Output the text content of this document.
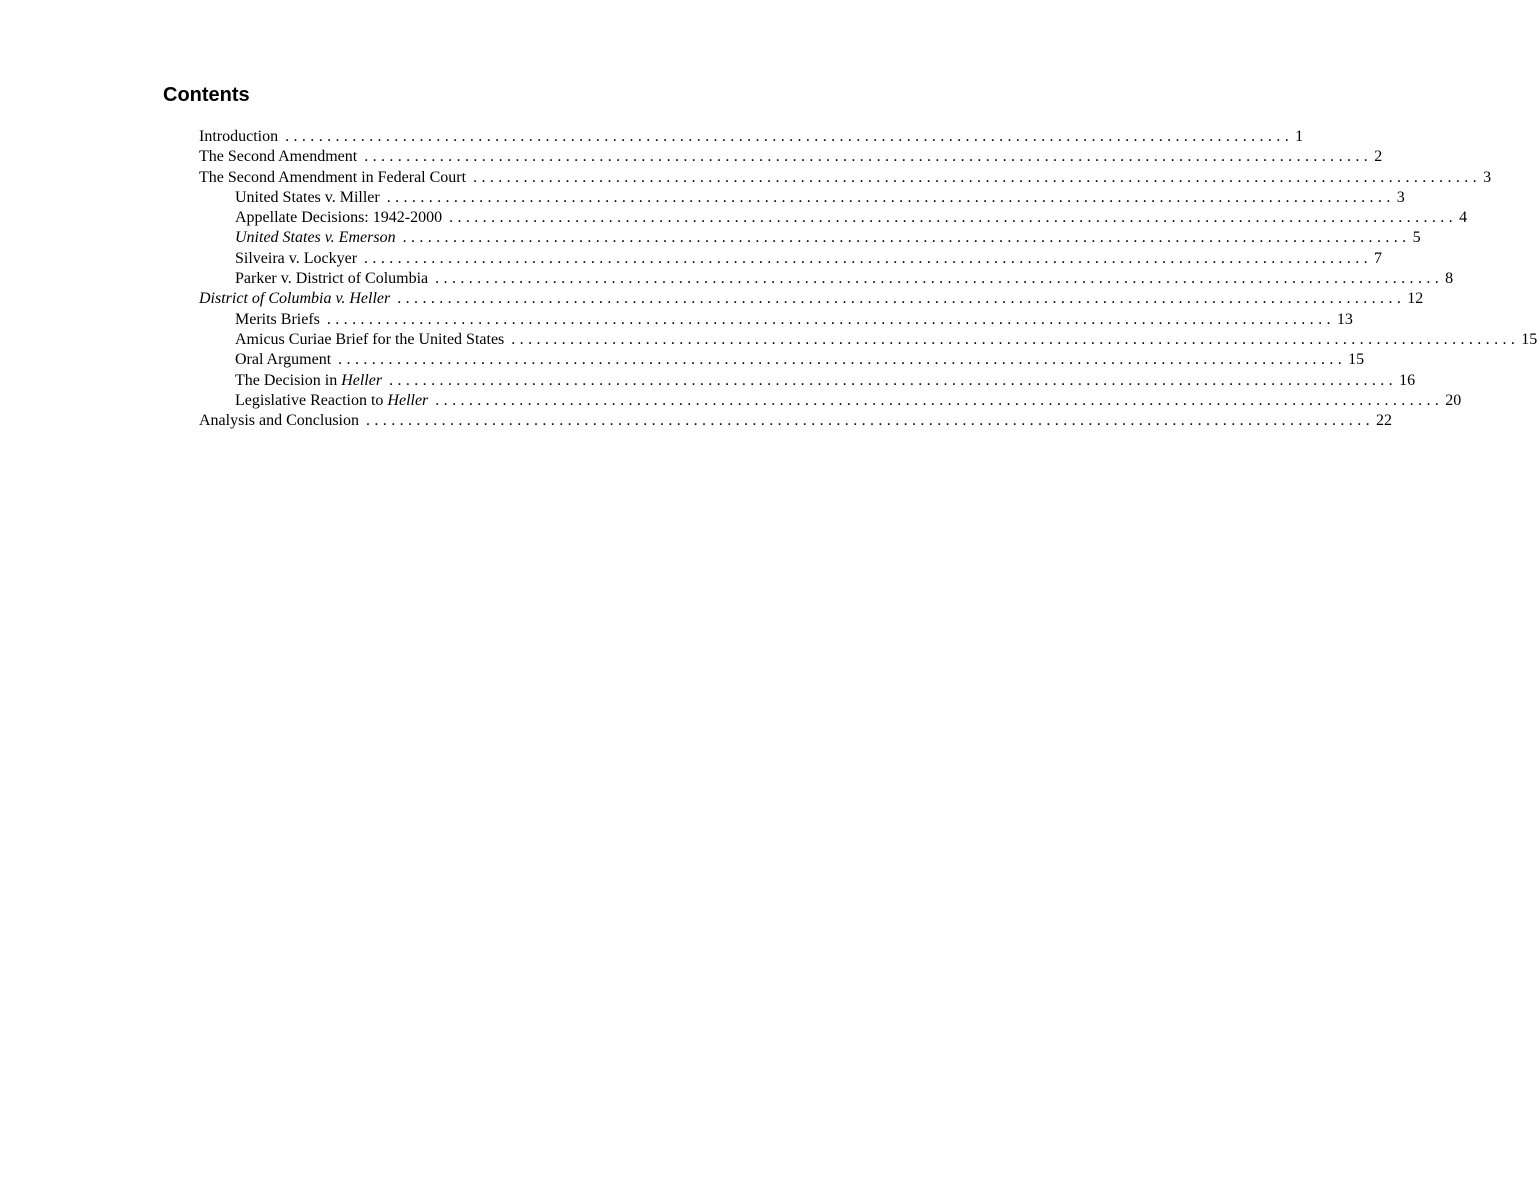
Contents
Introduction ........................................................................................................................ 1
The Second Amendment ........................................................................................................................ 2
The Second Amendment in Federal Court ........................................................................................................................ 3
United States v. Miller ........................................................................................................................ 3
Appellate Decisions: 1942-2000 ........................................................................................................................ 4
United States v. Emerson ........................................................................................................................ 5
Silveira v. Lockyer ........................................................................................................................ 7
Parker v. District of Columbia ........................................................................................................................ 8
District of Columbia v. Heller ........................................................................................................................ 12
Merits Briefs ........................................................................................................................ 13
Amicus Curiae Brief for the United States ........................................................................................................................ 15
Oral Argument ........................................................................................................................ 15
The Decision in Heller ........................................................................................................................ 16
Legislative Reaction to Heller ........................................................................................................................ 20
Analysis and Conclusion ........................................................................................................................ 22
